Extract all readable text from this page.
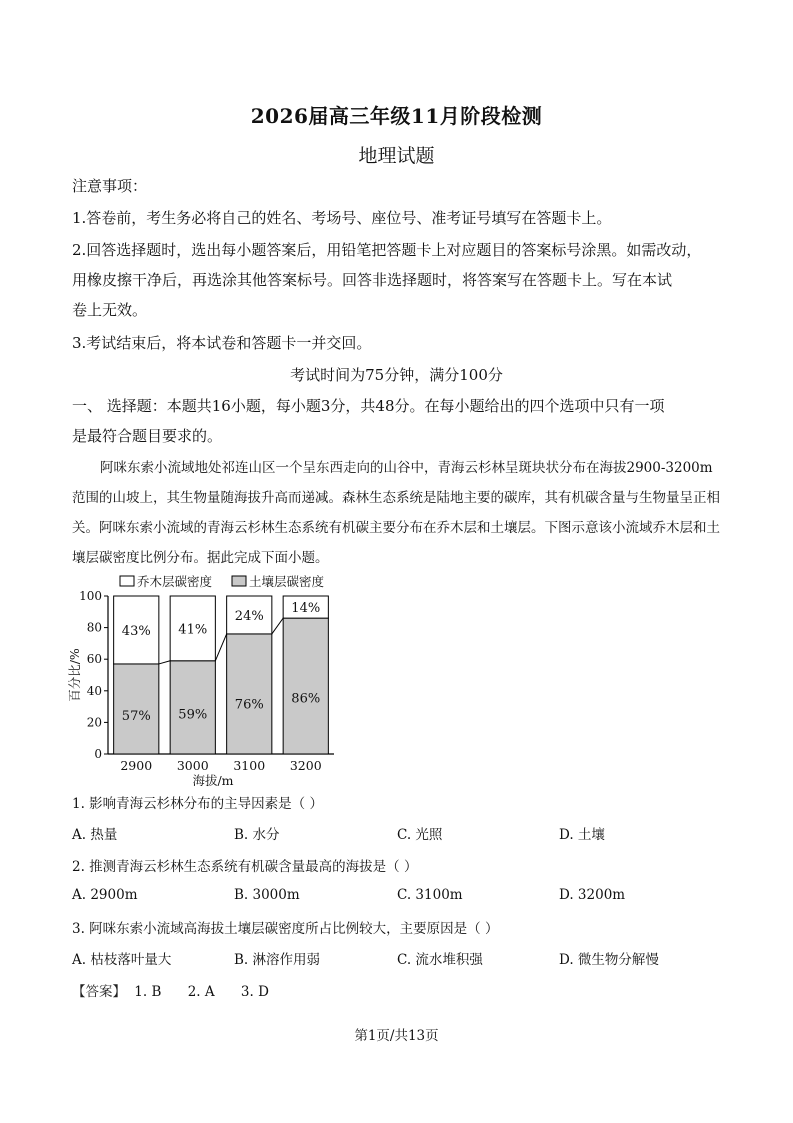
2026届高三年级11月阶段检测
地理试题
注意事项：
1.答卷前，考生务必将自己的姓名、考场号、座位号、准考证号填写在答题卡上。
2.回答选择题时，选出每小题答案后，用铅笔把答题卡上对应题目的答案标号涂黑。如需改动，
用橡皮擦干净后，再选涂其他答案标号。回答非选择题时，将答案写在答题卡上。写在本试
卷上无效。
3.考试结束后，将本试卷和答题卡一并交回。
考试时间为75分钟，满分100分
一、 选择题：本题共16小题，每小题3分，共48分。在每小题给出的四个选项中只有一项
是最符合题目要求的。
阿咪东索小流域地处祁连山区一个呈东西走向的山谷中，青海云杉林呈斑块状分布在海拔2900-3200m范围的山坡上，其生物量随海拔升高而递减。森林生态系统是陆地主要的碳库，其有机碳含量与生物量呈正相关。阿咪东索小流域的青海云杉林生态系统有机碳主要分布在乔木层和土壤层。下图示意该小流域乔木层和土壤层碳密度比例分布。据此完成下面小题。
乔木层碳密度	土壤层碳密度
0
20
40
60
80
100
百分比/%
57%
43%
2900
59%
41%
3000
76%
24%
3100
86%
14%
3200
海拔/m
1. 影响青海云杉林分布的主导因素是（ ）
A. 热量	B. 水分	C. 光照	D. 土壤
2. 推测青海云杉林生态系统有机碳含量最高的海拔是（ ）
A. 2900m	B. 3000m	C. 3100m	D. 3200m
3. 阿咪东索小流域高海拔土壤层碳密度所占比例较大，主要原因是（ ）
A. 枯枝落叶量大	B. 淋溶作用弱	C. 流水堆积强	D. 微生物分解慢
【答案】 1. B 2. A 3. D
第1页/共13页
